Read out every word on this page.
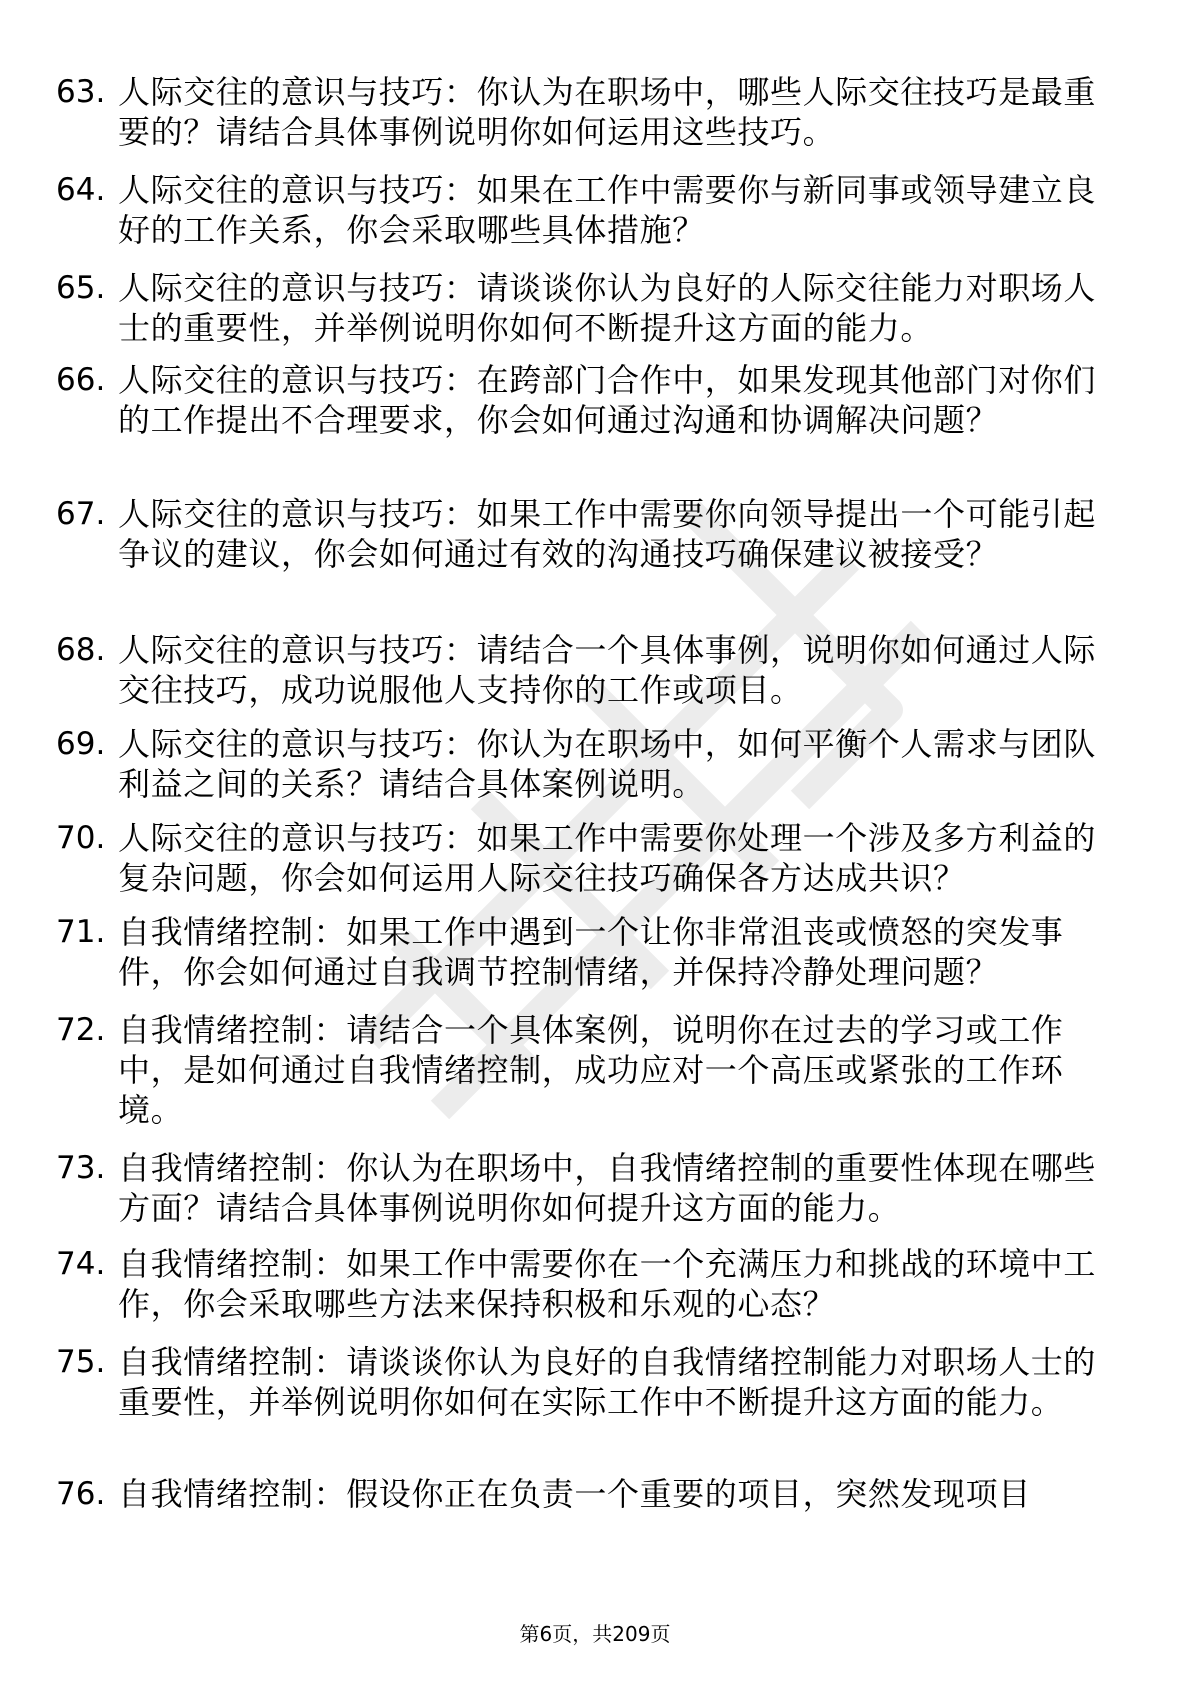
63. 人际交往的意识与技巧：你认为在职场中，哪些人际交往技巧是最重要的？请结合具体事例说明你如何运用这些技巧。
64. 人际交往的意识与技巧：如果在工作中需要你与新同事或领导建立良好的工作关系，你会采取哪些具体措施？
65. 人际交往的意识与技巧：请谈谈你认为良好的人际交往能力对职场人士的重要性，并举例说明你如何不断提升这方面的能力。
66. 人际交往的意识与技巧：在跨部门合作中，如果发现其他部门对你们的工作提出不合理要求，你会如何通过沟通和协调解决问题？
67. 人际交往的意识与技巧：如果工作中需要你向领导提出一个可能引起争议的建议，你会如何通过有效的沟通技巧确保建议被接受？
68. 人际交往的意识与技巧：请结合一个具体事例，说明你如何通过人际交往技巧，成功说服他人支持你的工作或项目。
69. 人际交往的意识与技巧：你认为在职场中，如何平衡个人需求与团队利益之间的关系？请结合具体案例说明。
70. 人际交往的意识与技巧：如果工作中需要你处理一个涉及多方利益的复杂问题，你会如何运用人际交往技巧确保各方达成共识？
71. 自我情绪控制：如果工作中遇到一个让你非常沮丧或愤怒的突发事件，你会如何通过自我调节控制情绪，并保持冷静处理问题？
72. 自我情绪控制：请结合一个具体案例，说明你在过去的学习或工作中，是如何通过自我情绪控制，成功应对一个高压或紧张的工作环境。
73. 自我情绪控制：你认为在职场中，自我情绪控制的重要性体现在哪些方面？请结合具体事例说明你如何提升这方面的能力。
74. 自我情绪控制：如果工作中需要你在一个充满压力和挑战的环境中工作，你会采取哪些方法来保持积极和乐观的心态？
75. 自我情绪控制：请谈谈你认为良好的自我情绪控制能力对职场人士的重要性，并举例说明你如何在实际工作中不断提升这方面的能力。
76. 自我情绪控制：假设你正在负责一个重要的项目，突然发现项目
第6页，共209页
